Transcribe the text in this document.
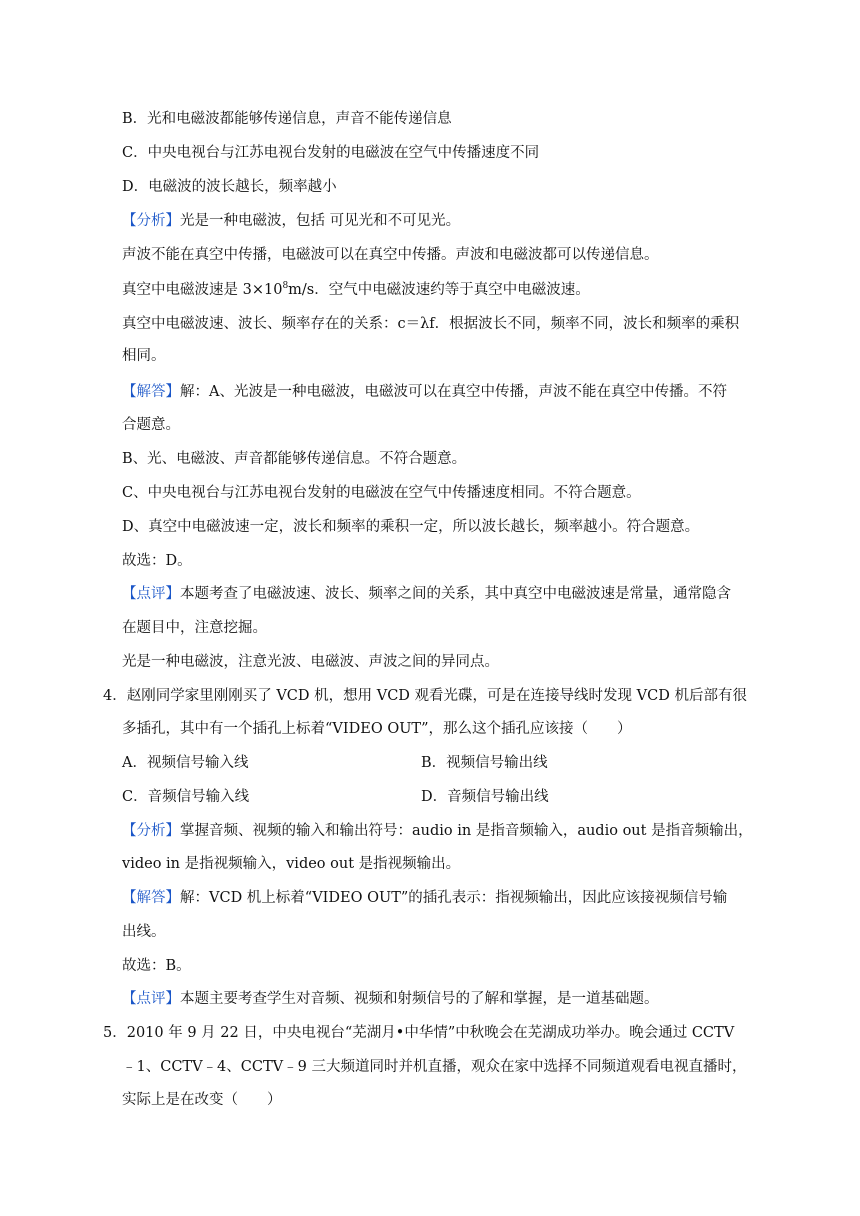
B．光和电磁波都能够传递信息，声音不能传递信息
C．中央电视台与江苏电视台发射的电磁波在空气中传播速度不同
D．电磁波的波长越长，频率越小
【分析】光是一种电磁波，包括 可见光和不可见光。
声波不能在真空中传播，电磁波可以在真空中传播。声波和电磁波都可以传递信息。
真空中电磁波速是 $3\times 10^8m/s$．空气中电磁波速约等于真空中电磁波速。
真空中电磁波速、波长、频率存在的关系：c＝λf．根据波长不同，频率不同，波长和频率的乘积
相同。
【解答】解：A、光波是一种电磁波，电磁波可以在真空中传播，声波不能在真空中传播。不符
合题意。
B、光、电磁波、声音都能够传递信息。不符合题意。
C、中央电视台与江苏电视台发射的电磁波在空气中传播速度相同。不符合题意。
D、真空中电磁波速一定，波长和频率的乘积一定，所以波长越长，频率越小。符合题意。
故选：D。
【点评】本题考查了电磁波速、波长、频率之间的关系，其中真空中电磁波速是常量，通常隐含
在题目中，注意挖掘。
光是一种电磁波，注意光波、电磁波、声波之间的异同点。
4．赵刚同学家里刚刚买了 VCD 机，想用 VCD 观看光碟，可是在连接导线时发现 VCD 机后部有很
多插孔，其中有一个插孔上标着“VIDEO OUT”，那么这个插孔应该接（　　）
A．视频信号输入线	B．视频信号输出线
C．音频信号输入线	D．音频信号输出线
【分析】掌握音频、视频的输入和输出符号：audio in 是指音频输入，audio out 是指音频输出，
video in 是指视频输入，video out 是指视频输出。
【解答】解：VCD 机上标着“VIDEO OUT”的插孔表示：指视频输出，因此应该接视频信号输
出线。
故选：B。
【点评】本题主要考查学生对音频、视频和射频信号的了解和掌握，是一道基础题。
5．2010 年 9 月 22 日，中央电视台“芜湖月•中华情”中秋晚会在芜湖成功举办。晚会通过 CCTV
﹣1、CCTV﹣4、CCTV﹣9 三大频道同时并机直播，观众在家中选择不同频道观看电视直播时，
实际上是在改变（　　）
